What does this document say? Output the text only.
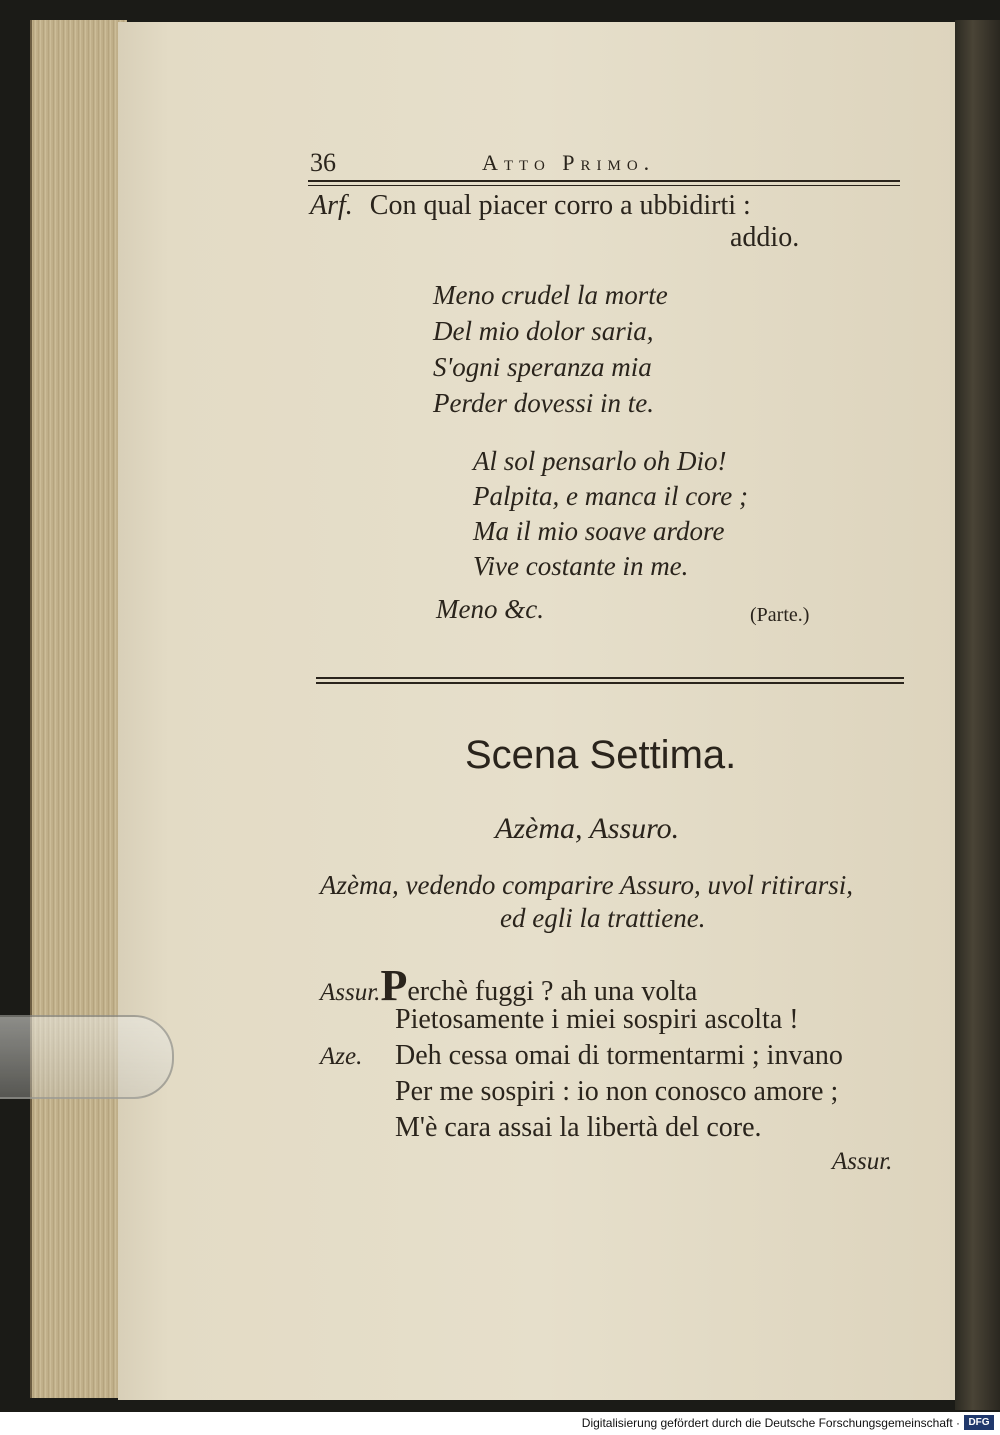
36	Atto Primo.
Arf. Con qual piacer corro a ubbidirti :
addio.
Meno crudel la morte
Del mio dolor saria,
S'ogni speranza mia
Perder dovessi in te.
Al sol pensarlo oh Dio!
Palpita, e manca il core ;
Ma il mio soave ardore
Vive costante in me.
Meno &c.	(Parte.)
Scena Settima.
Azèma, Assuro.
Azèma, vedendo comparire Assuro, uvol ritirarsi,
ed egli la trattiene.
Assur.Perchè fuggi ? ah una volta
Pietosamente i miei sospiri ascolta !
Aze. Deh cessa omai di tormentarmi ; invano
Per me sospiri : io non conosco amore ;
M'è cara assai la libertà del core.
Assur.
Digitalisierung gefördert durch die Deutsche Forschungsgemeinschaft · DFG
